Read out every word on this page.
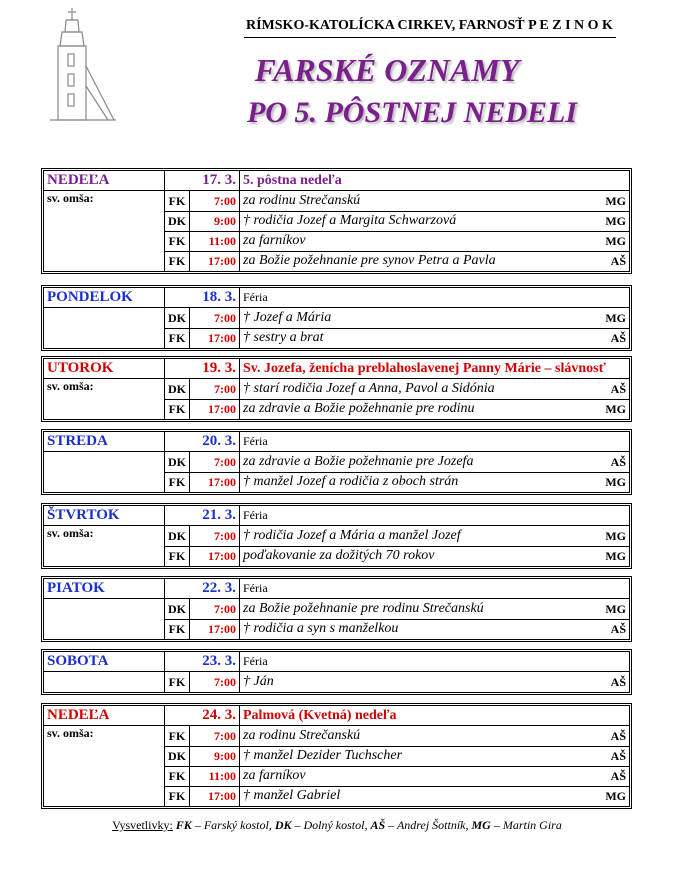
RÍMSKO-KATOLÍCKA CIRKEV, FARNOSŤ P E Z I N O K
FARSKÉ OZNAMY
PO 5. PÔSTNEJ NEDELI
NEDEĽA	17. 3. 5. pôstna nedeľa
sv. omša:	FK	7:00 za rodinu Strečanskú	MG
DK	9:00 † rodičia Jozef a Margita Schwarzová	MG
FK	11:00 za farníkov	MG
FK	17:00 za Božie požehnanie pre synov Petra a Pavla	AŠ
PONDELOK	18. 3. Féria
DK	7:00 † Jozef a Mária	MG
FK	17:00 † sestry a brat	AŠ
UTOROK	19. 3. Sv. Jozefa, ženícha preblahoslavenej Panny Márie – slávnosť
sv. omša:	DK	7:00 † starí rodičia Jozef a Anna, Pavol a Sidónia	AŠ
FK	17:00 za zdravie a Božie požehnanie pre rodinu	MG
STREDA	20. 3. Féria
DK	7:00 za zdravie a Božie požehnanie pre Jozefa	AŠ
FK	17:00 † manžel Jozef a rodičia z oboch strán	MG
ŠTVRTOK	21. 3. Féria
sv. omša:	DK	7:00 † rodičia Jozef a Mária a manžel Jozef	MG
FK	17:00 poďakovanie za dožitých 70 rokov	MG
PIATOK	22. 3. Féria
DK	7:00 za Božie požehnanie pre rodinu Strečanskú	MG
FK	17:00 † rodičia a syn s manželkou	AŠ
SOBOTA	23. 3. Féria
FK	7:00 † Ján	AŠ
NEDEĽA	24. 3. Palmová (Kvetná) nedeľa
sv. omša:	FK	7:00 za rodinu Strečanskú	AŠ
DK	9:00 † manžel Dezider Tuchscher	AŠ
FK	11:00 za farníkov	AŠ
FK	17:00 † manžel Gabriel	MG
Vysvetlivky: FK – Farský kostol, DK – Dolný kostol, AŠ – Andrej Šottník, MG – Martin Gira
